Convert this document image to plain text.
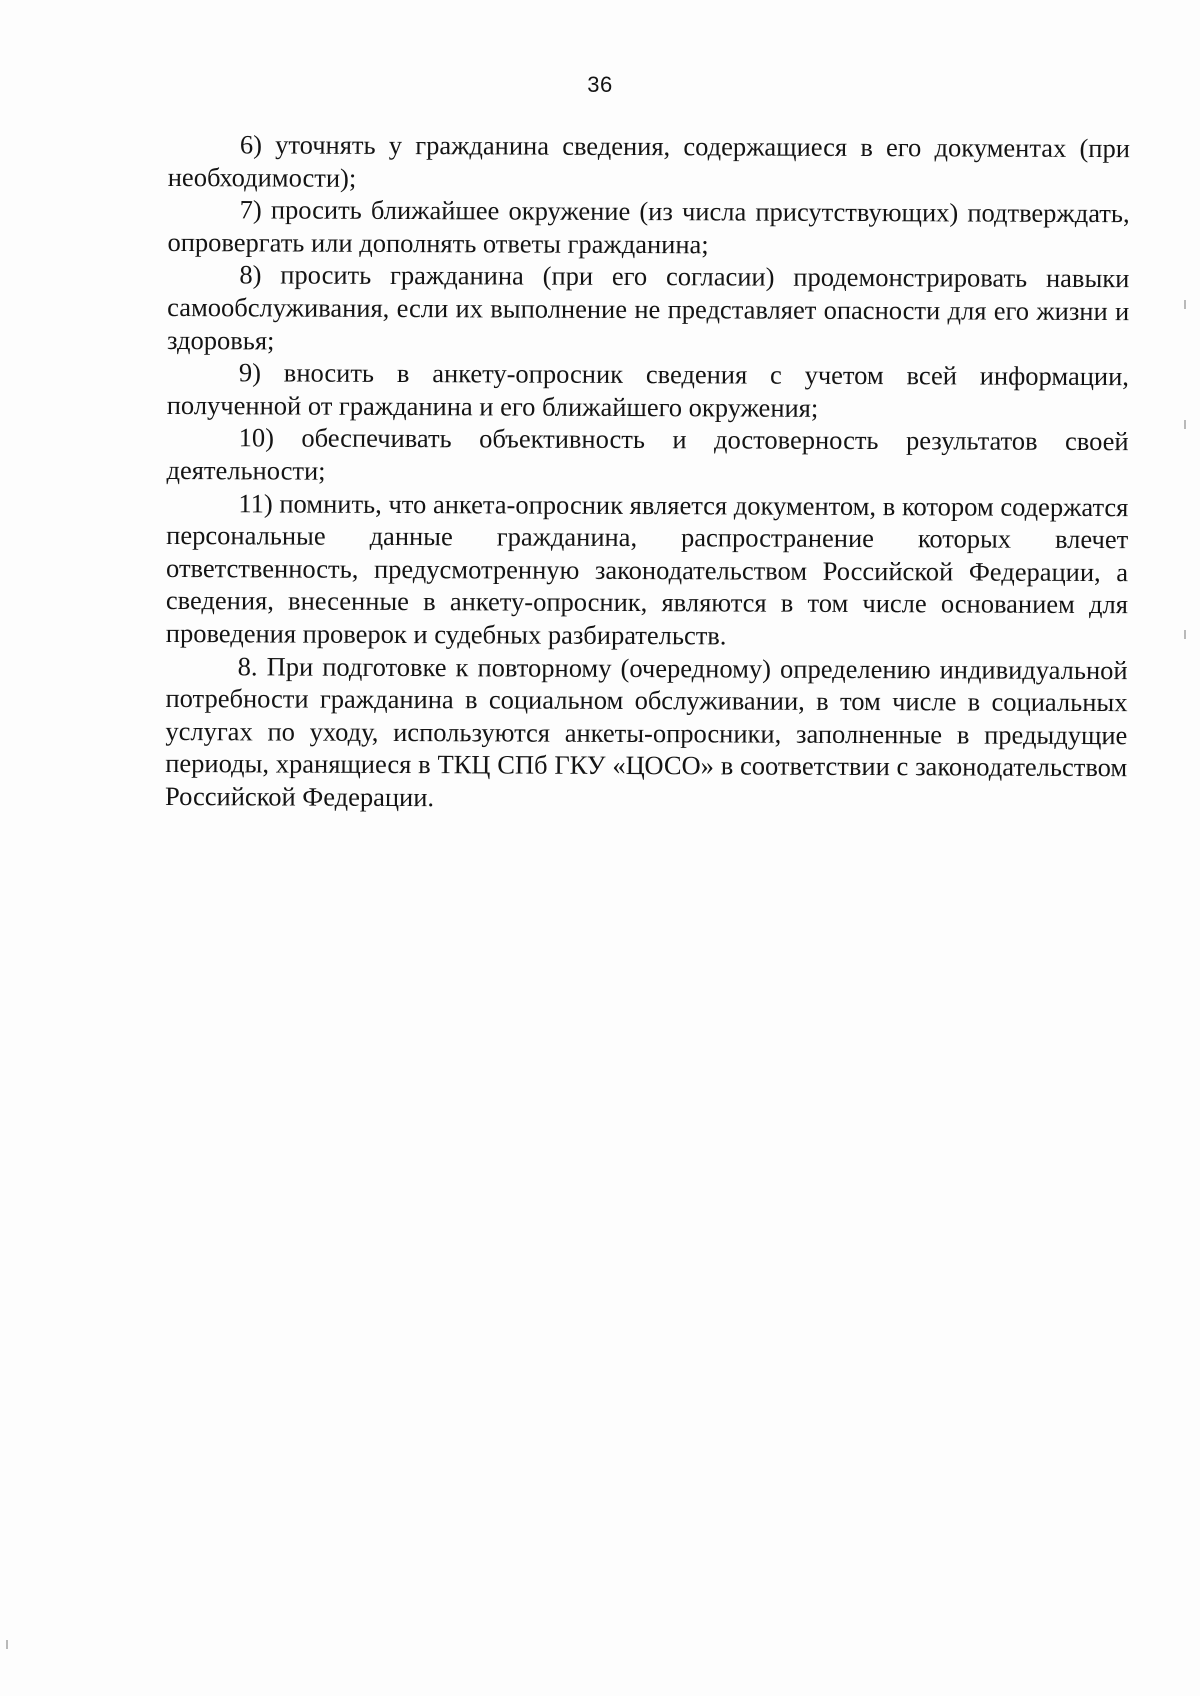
36

6) уточнять у гражданина сведения, содержащиеся в его документах (при необходимости);

7) просить ближайшее окружение (из числа присутствующих) подтверждать, опровергать или дополнять ответы гражданина;

8) просить гражданина (при его согласии) продемонстрировать навыки самообслуживания, если их выполнение не представляет опасности для его жизни и здоровья;

9) вносить в анкету-опросник сведения с учетом всей информации, полученной от гражданина и его ближайшего окружения;

10) обеспечивать объективность и достоверность результатов своей деятельности;

11) помнить, что анкета-опросник является документом, в котором содержатся персональные данные гражданина, распространение которых влечет ответственность, предусмотренную законодательством Российской Федерации, а сведения, внесенные в анкету-опросник, являются в том числе основанием для проведения проверок и судебных разбирательств.

8. При подготовке к повторному (очередному) определению индивидуальной потребности гражданина в социальном обслуживании, в том числе в социальных услугах по уходу, используются анкеты-опросники, заполненные в предыдущие периоды, хранящиеся в ТКЦ СПб ГКУ «ЦОСО» в соответствии с законодательством Российской Федерации.
